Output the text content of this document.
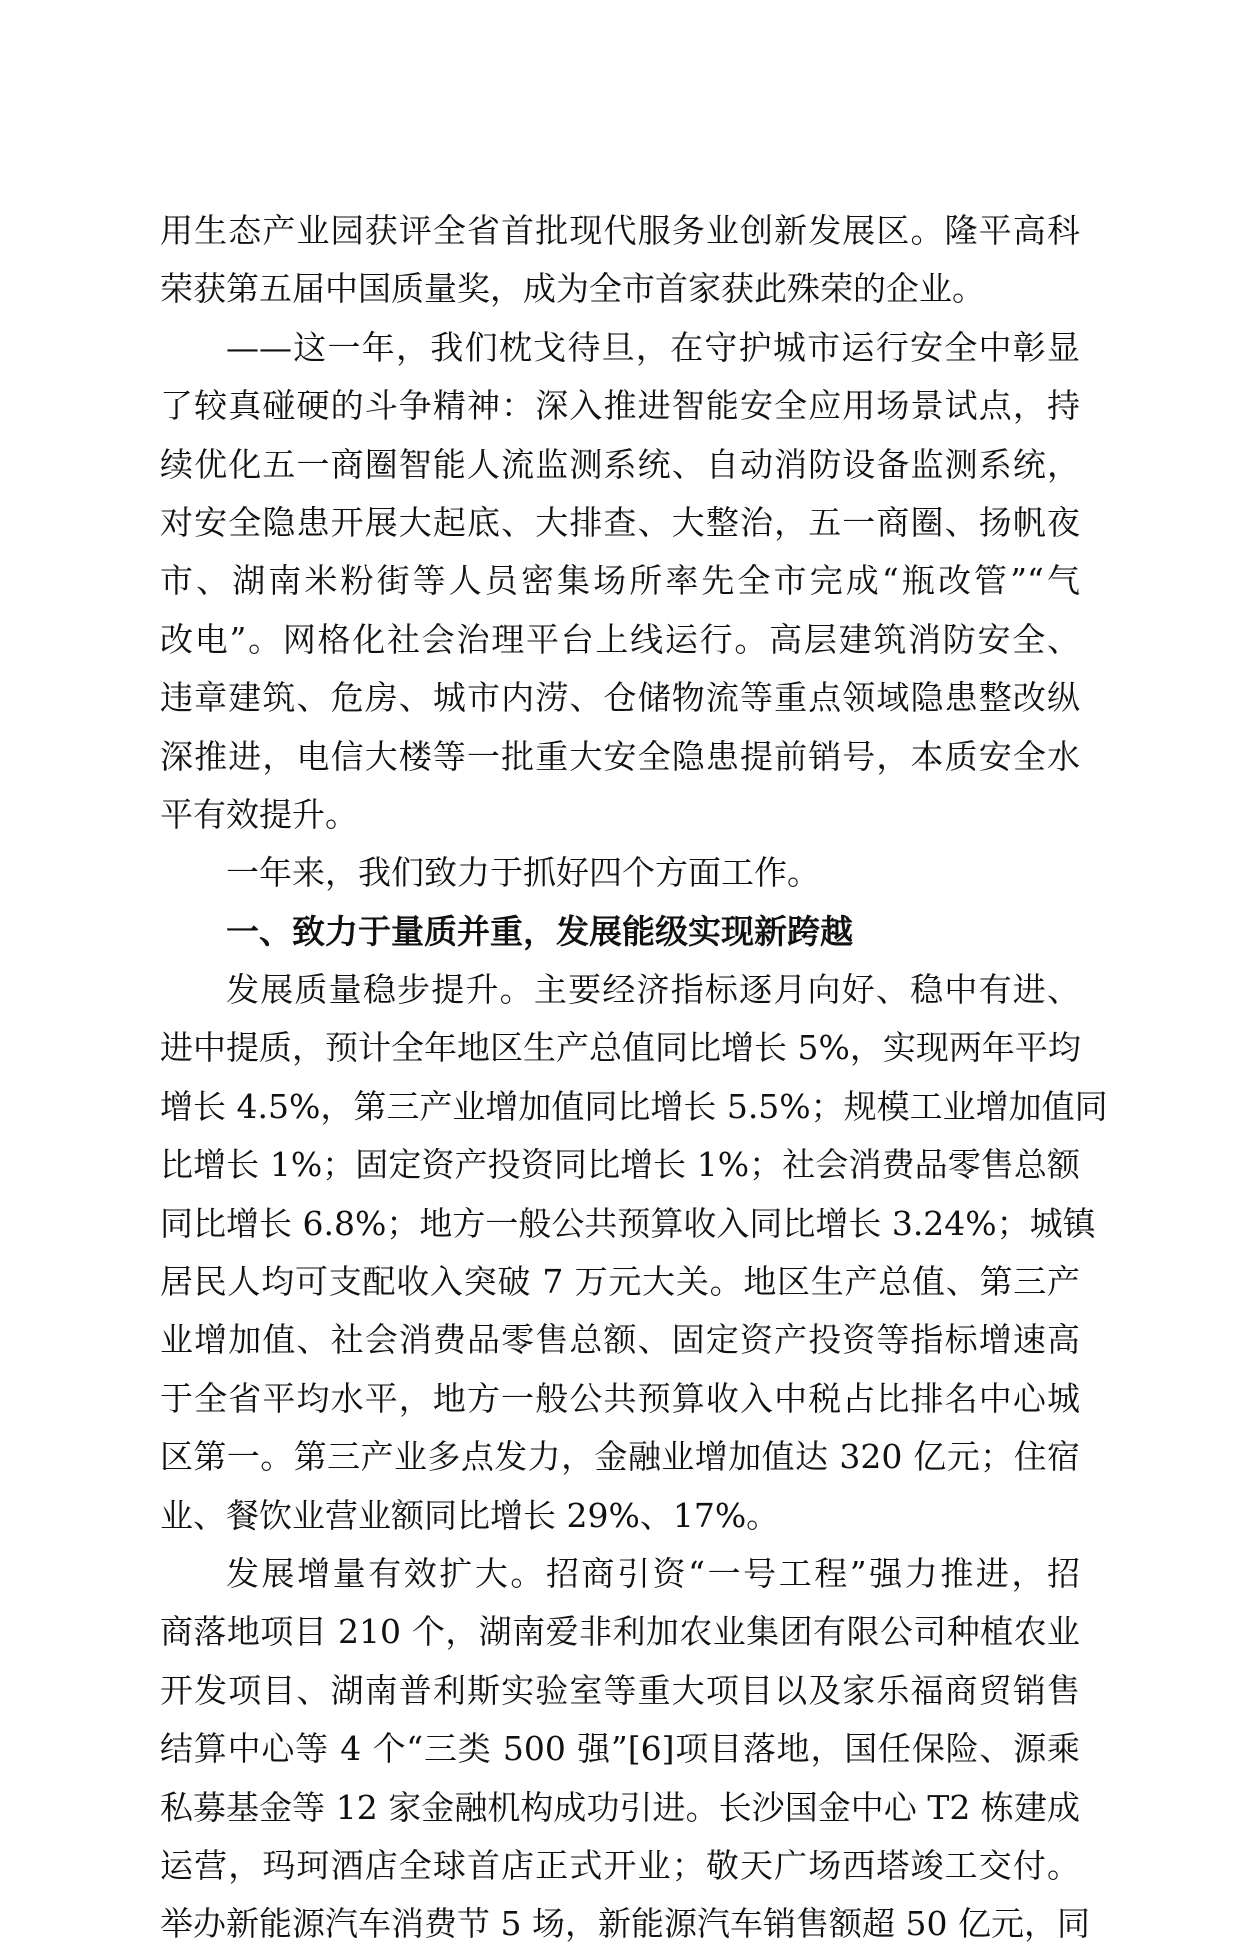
用生态产业园获评全省首批现代服务业创新发展区。隆平高科
荣获第五届中国质量奖，成为全市首家获此殊荣的企业。
——这一年，我们枕戈待旦，在守护城市运行安全中彰显
了较真碰硬的斗争精神：深入推进智能安全应用场景试点，持
续优化五一商圈智能人流监测系统、自动消防设备监测系统，
对安全隐患开展大起底、大排查、大整治，五一商圈、扬帆夜
市、湖南米粉街等人员密集场所率先全市完成“瓶改管”“气
改电”。网格化社会治理平台上线运行。高层建筑消防安全、
违章建筑、危房、城市内涝、仓储物流等重点领域隐患整改纵
深推进，电信大楼等一批重大安全隐患提前销号，本质安全水
平有效提升。
一年来，我们致力于抓好四个方面工作。
一、致力于量质并重，发展能级实现新跨越
发展质量稳步提升。主要经济指标逐月向好、稳中有进、
进中提质，预计全年地区生产总值同比增长 5%，实现两年平均
增长 4.5%，第三产业增加值同比增长 5.5%；规模工业增加值同
比增长 1%；固定资产投资同比增长 1%；社会消费品零售总额
同比增长 6.8%；地方一般公共预算收入同比增长 3.24%；城镇
居民人均可支配收入突破 7 万元大关。地区生产总值、第三产
业增加值、社会消费品零售总额、固定资产投资等指标增速高
于全省平均水平，地方一般公共预算收入中税占比排名中心城
区第一。第三产业多点发力，金融业增加值达 320 亿元；住宿
业、餐饮业营业额同比增长 29%、17%。
发展增量有效扩大。招商引资“一号工程”强力推进，招
商落地项目 210 个，湖南爱非利加农业集团有限公司种植农业
开发项目、湖南普利斯实验室等重大项目以及家乐福商贸销售
结算中心等 4 个“三类 500 强”[6]项目落地，国任保险、源乘
私募基金等 12 家金融机构成功引进。长沙国金中心 T2 栋建成
运营，玛珂酒店全球首店正式开业；敬天广场西塔竣工交付。
举办新能源汽车消费节 5 场，新能源汽车销售额超 50 亿元，同
